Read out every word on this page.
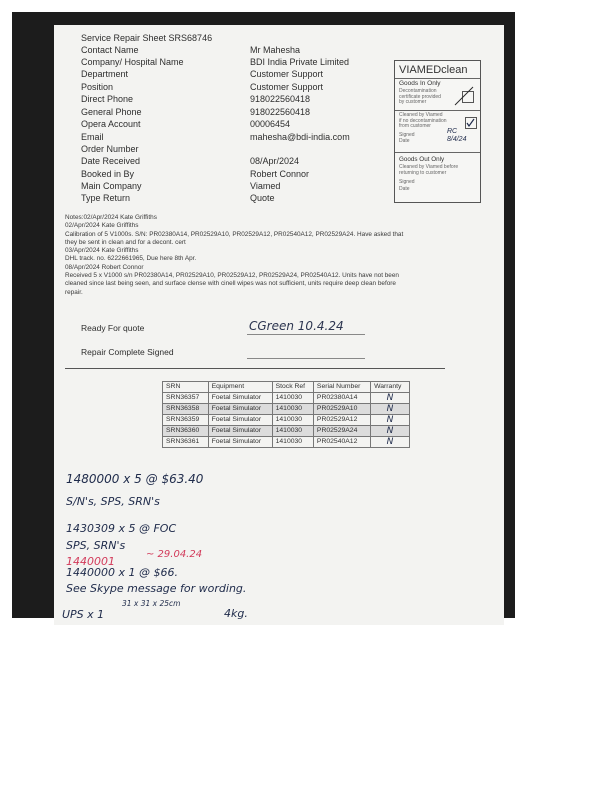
Service Repair Sheet SRS68746
Contact Name	Mr Mahesha
Company/ Hospital Name	BDI India Private Limited
Department	Customer Support
Position	Customer Support
Direct Phone	918022560418
General Phone	918022560418
Opera Account	00006454
Email	mahesha@bdi-india.com
Order Number
Date Received	08/Apr/2024
Booked in By	Robert Connor
Main Company	Viamed
Type Return	Quote
VIAMEDclean
Goods In Only
Decontamination
certificate provided
by customer
Cleaned by Viamed
if no decontamination
from customer
Signed	RC
Date	8/4/24
Goods Out Only
Cleaned by Viamed before
returning to customer
Signed
Date
Notes:02/Apr/2024 Kate Griffiths
02/Apr/2024 Kate Griffiths
Calibration of 5 V1000s. S/N: PR02380A14, PR02529A10, PR02529A12, PR02540A12, PR02529A24. Have asked that
they be sent in clean and for a decont. cert
03/Apr/2024 Kate Griffiths
DHL track. no. 6222661965, Due here 8th Apr.
08/Apr/2024 Robert Connor
Received 5 x V1000 s/n PR02380A14, PR02529A10, PR02529A12, PR02529A24, PR02540A12. Units have not been
cleaned since last being seen, and surface clense with cinell wipes was not sufficient, units require deep clean before
repair.
Ready For quote	CGreen 10.4.24
Repair Complete Signed
SRN	Equipment	Stock Ref	Serial Number	Warranty
SRN36357	Foetal Simulator	1410030	PR02380A14	N
SRN36358	Foetal Simulator	1410030	PR02529A10	N
SRN36359	Foetal Simulator	1410030	PR02529A12	N
SRN36360	Foetal Simulator	1410030	PR02529A24	N
SRN36361	Foetal Simulator	1410030	PR02540A12	N
1480000 x 5 @ $63.40
S/N's, SPS, SRN's
1430309 x 5 @ FOC
SPS, SRN's
1440001
~ 29.04.24
1440000 x 1 @ $66.
See Skype message for wording.
31 x 31 x 25cm
UPS x 1	4kg.
